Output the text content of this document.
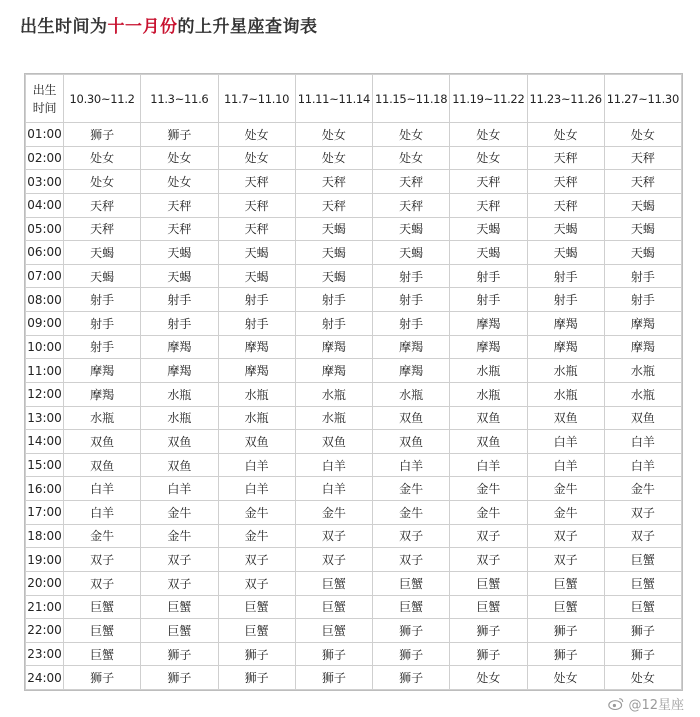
出生时间为十一月份的上升星座查询表
出生
时间	10.30~11.2	11.3~11.6	11.7~11.10	11.11~11.14	11.15~11.18	11.19~11.22	11.23~11.26	11.27~11.30
01:00	狮子	狮子	处女	处女	处女	处女	处女	处女
02:00	处女	处女	处女	处女	处女	处女	天秤	天秤
03:00	处女	处女	天秤	天秤	天秤	天秤	天秤	天秤
04:00	天秤	天秤	天秤	天秤	天秤	天秤	天秤	天蝎
05:00	天秤	天秤	天秤	天蝎	天蝎	天蝎	天蝎	天蝎
06:00	天蝎	天蝎	天蝎	天蝎	天蝎	天蝎	天蝎	天蝎
07:00	天蝎	天蝎	天蝎	天蝎	射手	射手	射手	射手
08:00	射手	射手	射手	射手	射手	射手	射手	射手
09:00	射手	射手	射手	射手	射手	摩羯	摩羯	摩羯
10:00	射手	摩羯	摩羯	摩羯	摩羯	摩羯	摩羯	摩羯
11:00	摩羯	摩羯	摩羯	摩羯	摩羯	水瓶	水瓶	水瓶
12:00	摩羯	水瓶	水瓶	水瓶	水瓶	水瓶	水瓶	水瓶
13:00	水瓶	水瓶	水瓶	水瓶	双鱼	双鱼	双鱼	双鱼
14:00	双鱼	双鱼	双鱼	双鱼	双鱼	双鱼	白羊	白羊
15:00	双鱼	双鱼	白羊	白羊	白羊	白羊	白羊	白羊
16:00	白羊	白羊	白羊	白羊	金牛	金牛	金牛	金牛
17:00	白羊	金牛	金牛	金牛	金牛	金牛	金牛	双子
18:00	金牛	金牛	金牛	双子	双子	双子	双子	双子
19:00	双子	双子	双子	双子	双子	双子	双子	巨蟹
20:00	双子	双子	双子	巨蟹	巨蟹	巨蟹	巨蟹	巨蟹
21:00	巨蟹	巨蟹	巨蟹	巨蟹	巨蟹	巨蟹	巨蟹	巨蟹
22:00	巨蟹	巨蟹	巨蟹	巨蟹	狮子	狮子	狮子	狮子
23:00	巨蟹	狮子	狮子	狮子	狮子	狮子	狮子	狮子
24:00	狮子	狮子	狮子	狮子	狮子	处女	处女	处女
@12星座
